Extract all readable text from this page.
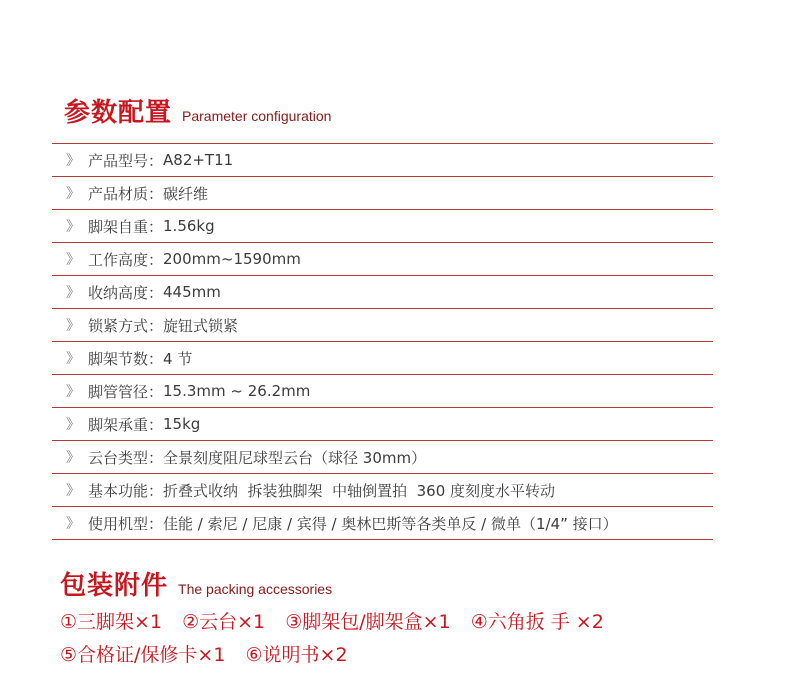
参数配置 Parameter configuration
》 产品型号： A82+T11
》 产品材质： 碳纤维
》 脚架自重： 1.56kg
》 工作高度： 200mm~1590mm
》 收纳高度： 445mm
》 锁紧方式： 旋钮式锁紧
》 脚架节数： 4 节
》 脚管管径： 15.3mm ~ 26.2mm
》 脚架承重： 15kg
》 云台类型： 全景刻度阻尼球型云台（球径 30mm）
》 基本功能： 折叠式收纳  拆装独脚架  中轴倒置拍  360 度刻度水平转动
》 使用机型： 佳能 / 索尼 / 尼康 / 宾得 / 奥林巴斯等各类单反 / 微单（1/4” 接口）
包装附件 The packing accessories
①三脚架×1 ②云台×1 ③脚架包/脚架盒×1 ④六角扳 手 ×2
⑤合格证/保修卡×1 ⑥说明书×2
